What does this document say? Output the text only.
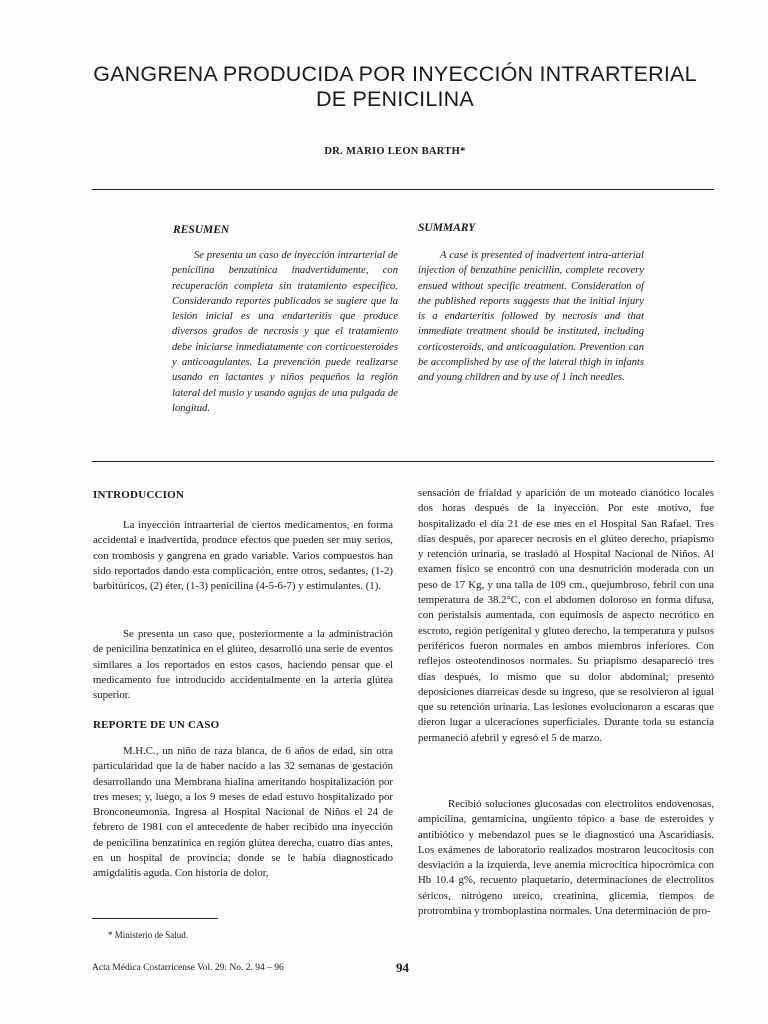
GANGRENA PRODUCIDA POR INYECCIÓN INTRARTERIAL
DE PENICILINA
DR. MARIO LEON BARTH*
RESUMEN

Se presenta un caso de inyección intrarterial de penicilina benzatínica inadvertidamente, con recuperación completa sin tratamiento específico. Considerando reportes publicados se sugiere que la lesión inicial es una endarteritis que produce diversos grados de necrosis y que el tratamiento debe iniciarse inmediatamente con corticoesteroides y anticoagulantes. La prevención puede realizarse usando en lactantes y niños pequeños la región lateral del muslo y usando agujas de una pulgada de longitud.

SUMMARY

A case is presented of inadvertent intra-arterial injection of benzathine penicillin, complete recovery ensued without specific treatment. Consideration of the published reports suggests that the initial injury is a endarteritis followed by necrosis and that immediate treatment should be instituted, including corticosteroids, and anticoagulation. Prevention can be accomplished by use of the lateral thigh in infants and young children and by use of 1 inch needles.

INTRODUCCION

La inyección intraarterial de ciertos medicamentos, en forma accidental e inadvertida, produce efectos que pueden ser muy serios, con trombosis y gangrena en grado variable. Varios compuestos han sido reportados dando esta complicación, entre otros, sedantes, (1-2) barbitúricos, (2) éter, (1-3) penicilina (4-5-6-7) y estimulantes. (1).

Se presenta un caso que, posteriormente a la administración de penicilina benzatínica en el glúteo, desarrolló una serie de eventos similares a los reportados en estos casos, haciendo pensar que el medicamento fue introducido accidentalmente en la arteria glútea superior.

REPORTE DE UN CASO

M.H.C., un niño de raza blanca, de 6 años de edad, sin otra particularidad que la de haber nacido a las 32 semanas de gestación desarrollando una Membrana hialina ameritando hospitalización por tres meses; y, luego, a los 9 meses de edad estuvo hospitalizado por Bronconeumonía. Ingresa al Hospital Nacional de Niños el 24 de febrero de 1981 con el antecedente de haber recibido una inyección de penicilina benzatínica en región glútea derecha, cuatro días antes, en un hospital de provincia; donde se le había diagnosticado amigdalitis aguda. Con historia de dolor,

sensación de frialdad y aparición de un moteado cianótico locales dos horas después de la inyección. Por este motivo, fue hospitalizado el día 21 de ese mes en el Hospital San Rafael. Tres días después, por aparecer necrosis en el glúteo derecho, priapismo y retención urinaria, se trasladó al Hospital Nacional de Niños. Al examen físico se encontró con una desnutrición moderada con un peso de 17 Kg, y una talla de 109 cm., quejumbroso, febril con una temperatura de 38.2°C, con el abdomen doloroso en forma difusa, con peristalsis aumentada, con equimosis de aspecto necrótico en escroto, región perigenital y gluteo derecho, la temperatura y pulsos periféricos fueron normales en ambos miembros inferiores. Con reflejos osteotendinosos normales. Su priapismo desapareció tres días después, lo mismo que su dolor abdominal; presentó deposiciones diarreicas desde su ingreso, que se resolvieron al igual que su retención urinaria. Las lesiones evolucionaron a escaras que dieron lugar a ulceraciones superficiales. Durante toda su estancia permaneció afebril y egresó el 5 de marzo.

Recibió soluciones glucosadas con electrolitos endovenosas, ampicilina, gentamicina, ungüento tópico a base de esteroides y antibiótico y mebendazol pues se le diagnosticó una Ascaridiasis. Los exámenes de laboratorio realizados mostraron leucocitosis con desviación a la izquierda, leve anemia microcítica hipocrómica con Hb 10.4 g%, recuento plaquetario, determinaciones de electrolitos séricos, nitrógeno ureico, creatinina, glicemia, tiempos de protrombina y tromboplastina normales. Una determinación de pro-

* Ministerio de Salud.
Acta Médica Costarricense Vol. 29: No. 2. 94 – 96	94
